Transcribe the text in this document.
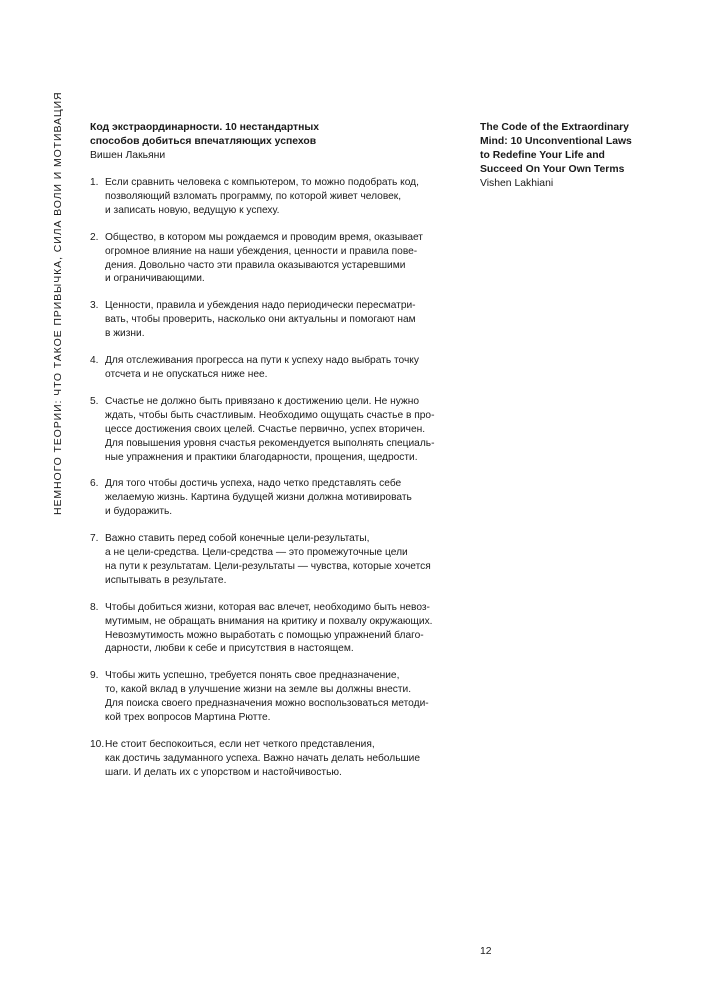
НЕМНОГО ТЕОРИИ: ЧТО ТАКОЕ ПРИВЫЧКА, СИЛА ВОЛИ И МОТИВАЦИЯ	Код экстраординарности. 10 нестандартных
способов добиться впечатляющих успехов

Вишен Лакьяни

1. Если сравнить человека с компьютером, то можно подобрать код,
позволяющий взломать программу, по которой живет человек,
и записать новую, ведущую к успеху.

2. Общество, в котором мы рождаемся и проводим время, оказывает
огромное влияние на наши убеждения, ценности и правила пове-
дения. Довольно часто эти правила оказываются устаревшими
и ограничивающими.

3. Ценности, правила и убеждения надо периодически пересматри-
вать, чтобы проверить, насколько они актуальны и помогают нам
в жизни.

4. Для отслеживания прогресса на пути к успеху надо выбрать точку
отсчета и не опускаться ниже нее.

5. Счастье не должно быть привязано к достижению цели. Не нужно
ждать, чтобы быть счастливым. Необходимо ощущать счастье в про-
цессе достижения своих целей. Счастье первично, успех вторичен.
Для повышения уровня счастья рекомендуется выполнять специаль-
ные упражнения и практики благодарности, прощения, щедрости.

6. Для того чтобы достичь успеха, надо четко представлять себе
желаемую жизнь. Картина будущей жизни должна мотивировать
и будоражить.

7. Важно ставить перед собой конечные цели-результаты,
а не цели-средства. Цели-средства — это промежуточные цели
на пути к результатам. Цели-результаты — чувства, которые хочется
испытывать в результате.

8. Чтобы добиться жизни, которая вас влечет, необходимо быть невоз-
мутимым, не обращать внимания на критику и похвалу окружающих.
Невозмутимость можно выработать с помощью упражнений благо-
дарности, любви к себе и присутствия в настоящем.

9. Чтобы жить успешно, требуется понять свое предназначение,
то, какой вклад в улучшение жизни на земле вы должны внести.
Для поиска своего предназначения можно воспользоваться методи-
кой трех вопросов Мартина Рютте.

10. Не стоит беспокоиться, если нет четкого представления,
как достичь задуманного успеха. Важно начать делать небольшие
шаги. И делать их с упорством и настойчивостью.

The Code of the Extraordinary
Mind: 10 Unconventional Laws
to Redefine Your Life and
Succeed On Your Own Terms

Vishen Lakhiani

12
